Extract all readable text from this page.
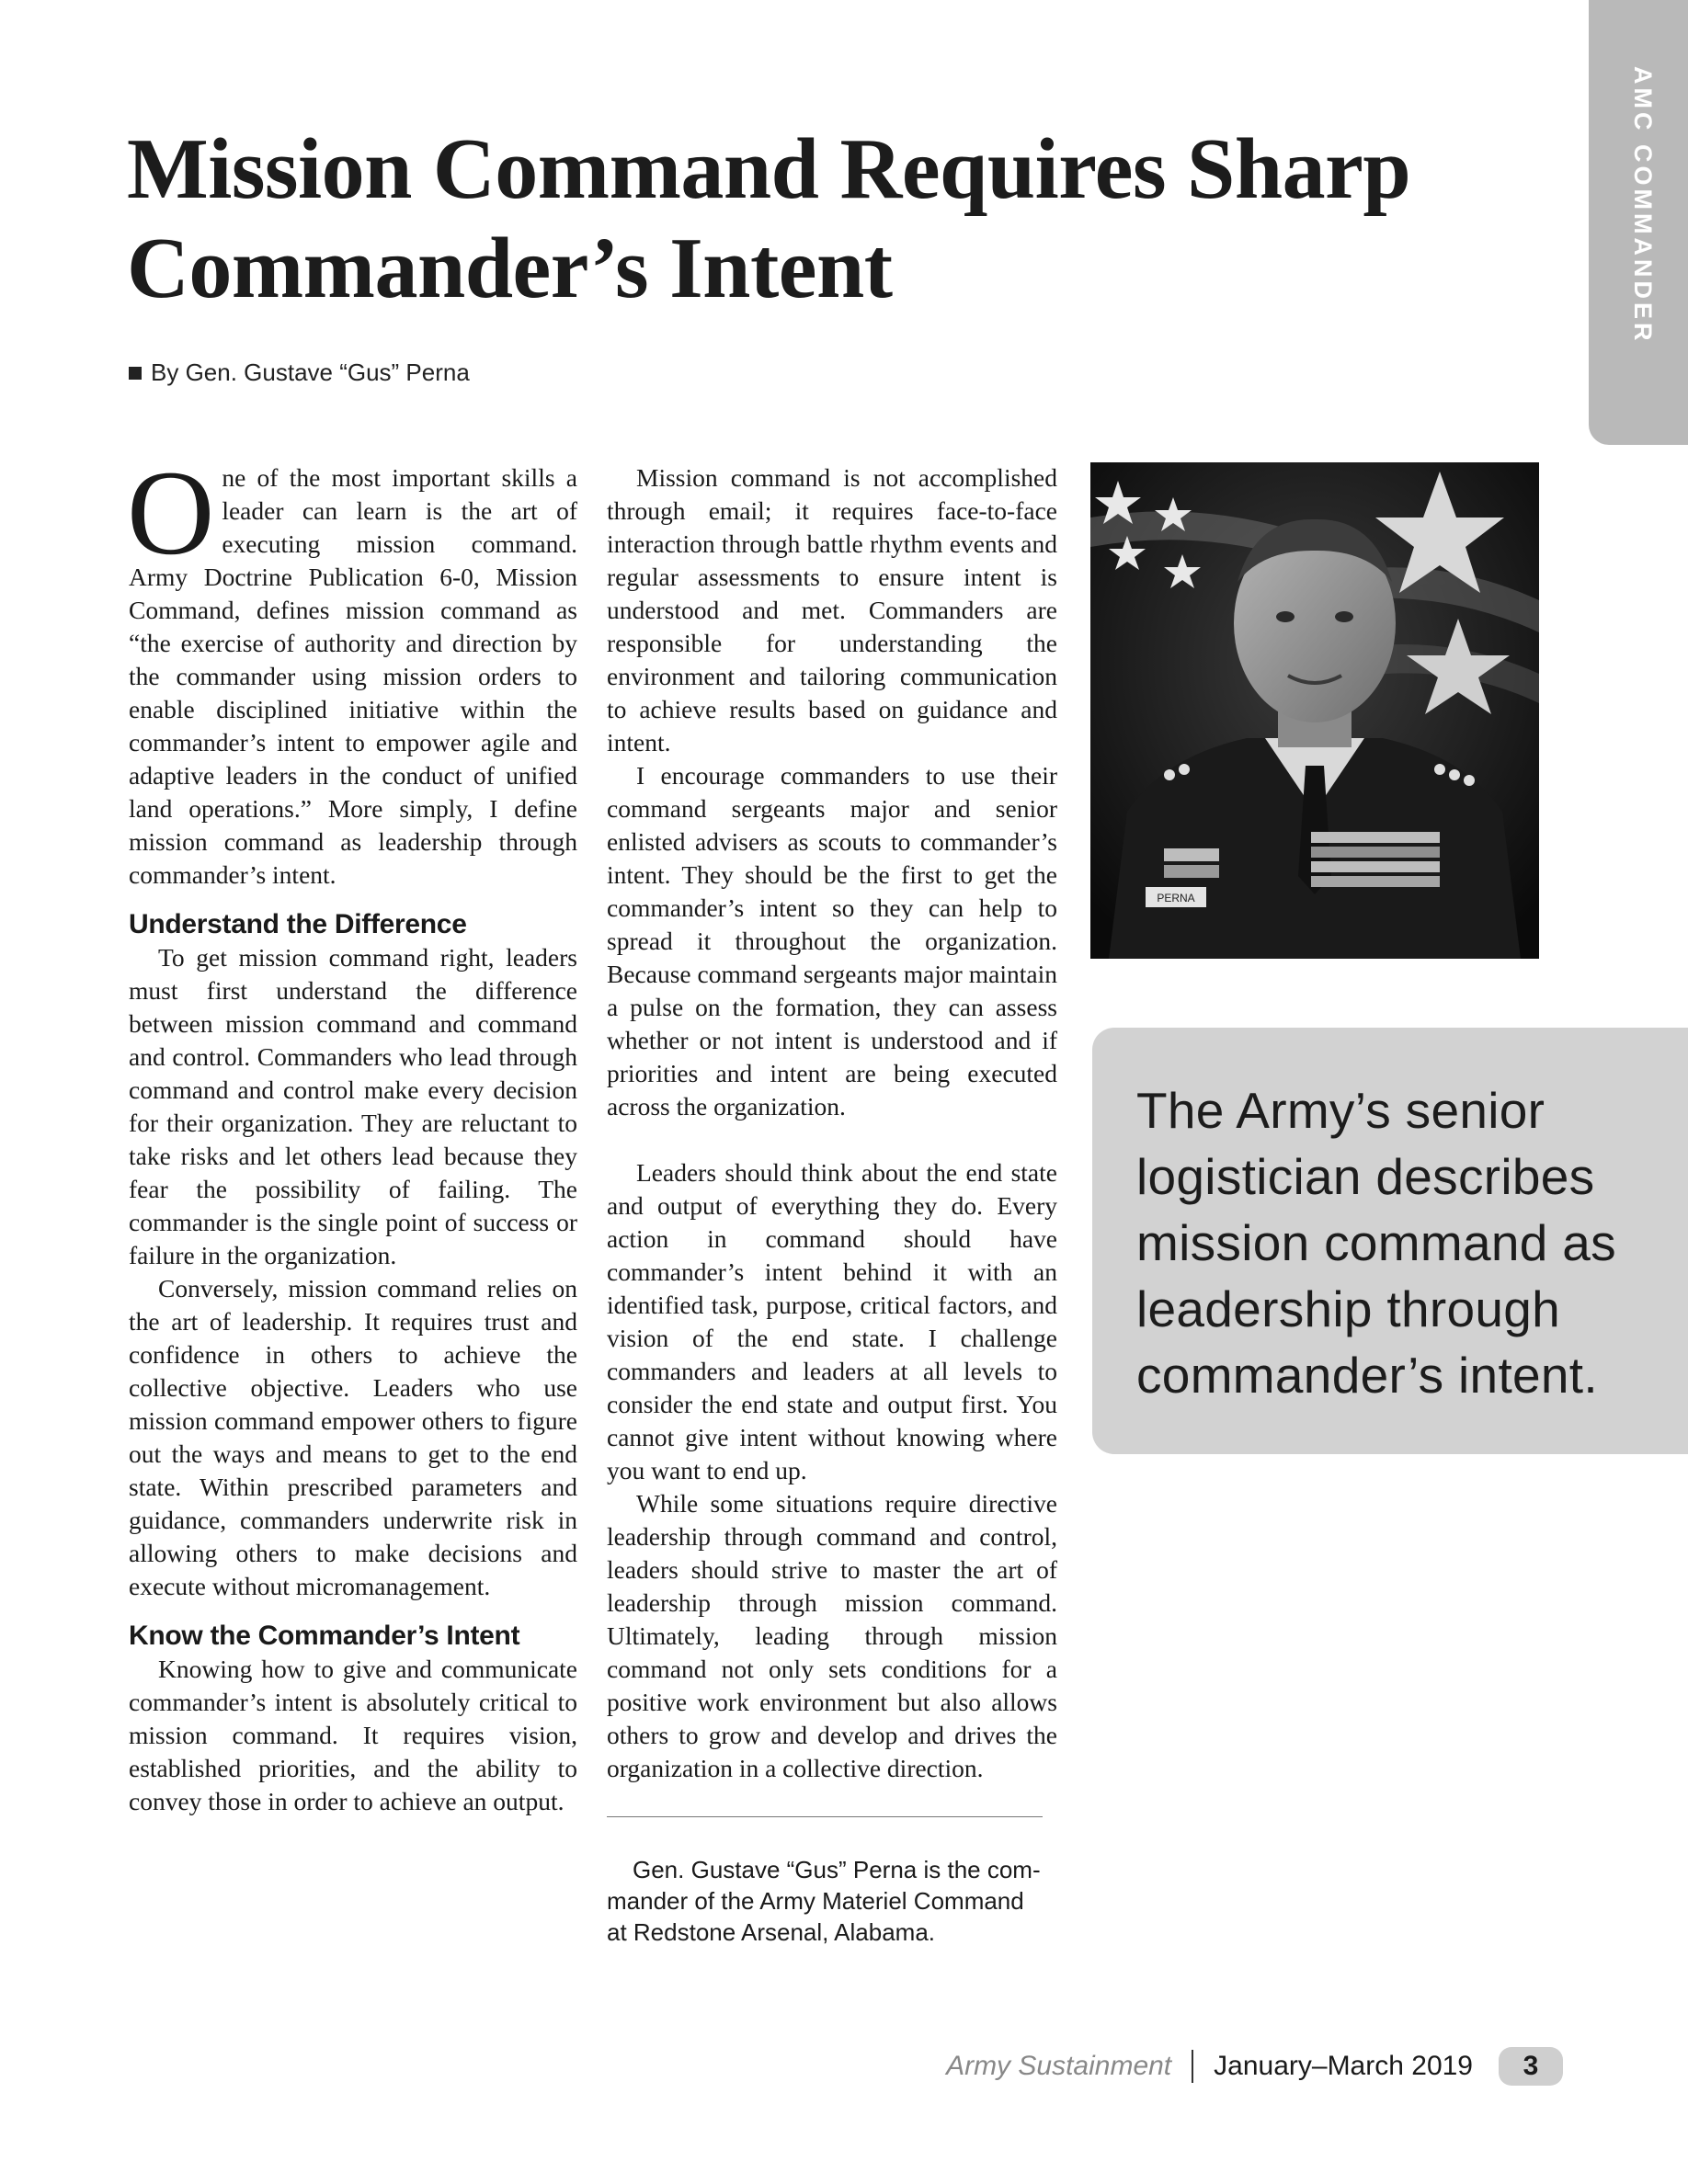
AMC COMMANDER
Mission Command Requires Sharp Commander’s Intent
By Gen. Gustave “Gus” Perna

One of the most important skills a leader can learn is the art of executing mission command. Army Doctrine Publication 6-0, Mission Command, defines mission command as “the exercise of authority and direction by the commander using mission orders to enable disciplined initiative within the commander’s intent to empower agile and adaptive leaders in the conduct of unified land operations.” More simply, I define mission command as leadership through commander’s intent.

Understand the Difference

To get mission command right, leaders must first understand the difference between mission command and command and control. Commanders who lead through command and control make every decision for their organization. They are reluctant to take risks and let others lead because they fear the possibility of failing. The commander is the single point of success or failure in the organization.

Conversely, mission command relies on the art of leadership. It requires trust and confidence in others to achieve the collective objective. Leaders who use mission command empower others to figure out the ways and means to get to the end state. Within prescribed parameters and guidance, commanders underwrite risk in allowing others to make decisions and execute without micromanagement.

Know the Commander’s Intent

Knowing how to give and communicate commander’s intent is absolutely critical to mission command. It requires vision, established priorities, and the ability to convey those in order to achieve an output.

Mission command is not accomplished through email; it requires face-to-face interaction through battle rhythm events and regular assessments to ensure intent is understood and met. Commanders are responsible for understanding the environment and tailoring communication to achieve results based on guidance and intent.

I encourage commanders to use their command sergeants major and senior enlisted advisers as scouts to commander’s intent. They should be the first to get the commander’s intent so they can help to spread it throughout the organization. Because command sergeants major maintain a pulse on the formation, they can assess whether or not intent is understood and if priorities and intent are being executed across the organization.

Leaders should think about the end state and output of everything they do. Every action in command should have commander’s intent behind it with an identified task, purpose, critical factors, and vision of the end state. I challenge commanders and leaders at all levels to consider the end state and output first. You cannot give intent without knowing where you want to end up.

While some situations require directive leadership through command and control, leaders should strive to master the art of leadership through mission command. Ultimately, leading through mission command not only sets conditions for a positive work environment but also allows others to grow and develop and drives the organization in a collective direction.

Gen. Gustave “Gus” Perna is the com-
mander of the Army Materiel Command
at Redstone Arsenal, Alabama.
PERNA

The Army’s senior logistician describes mission command as leadership through commander’s intent.

Army Sustainment January–March 2019	3
